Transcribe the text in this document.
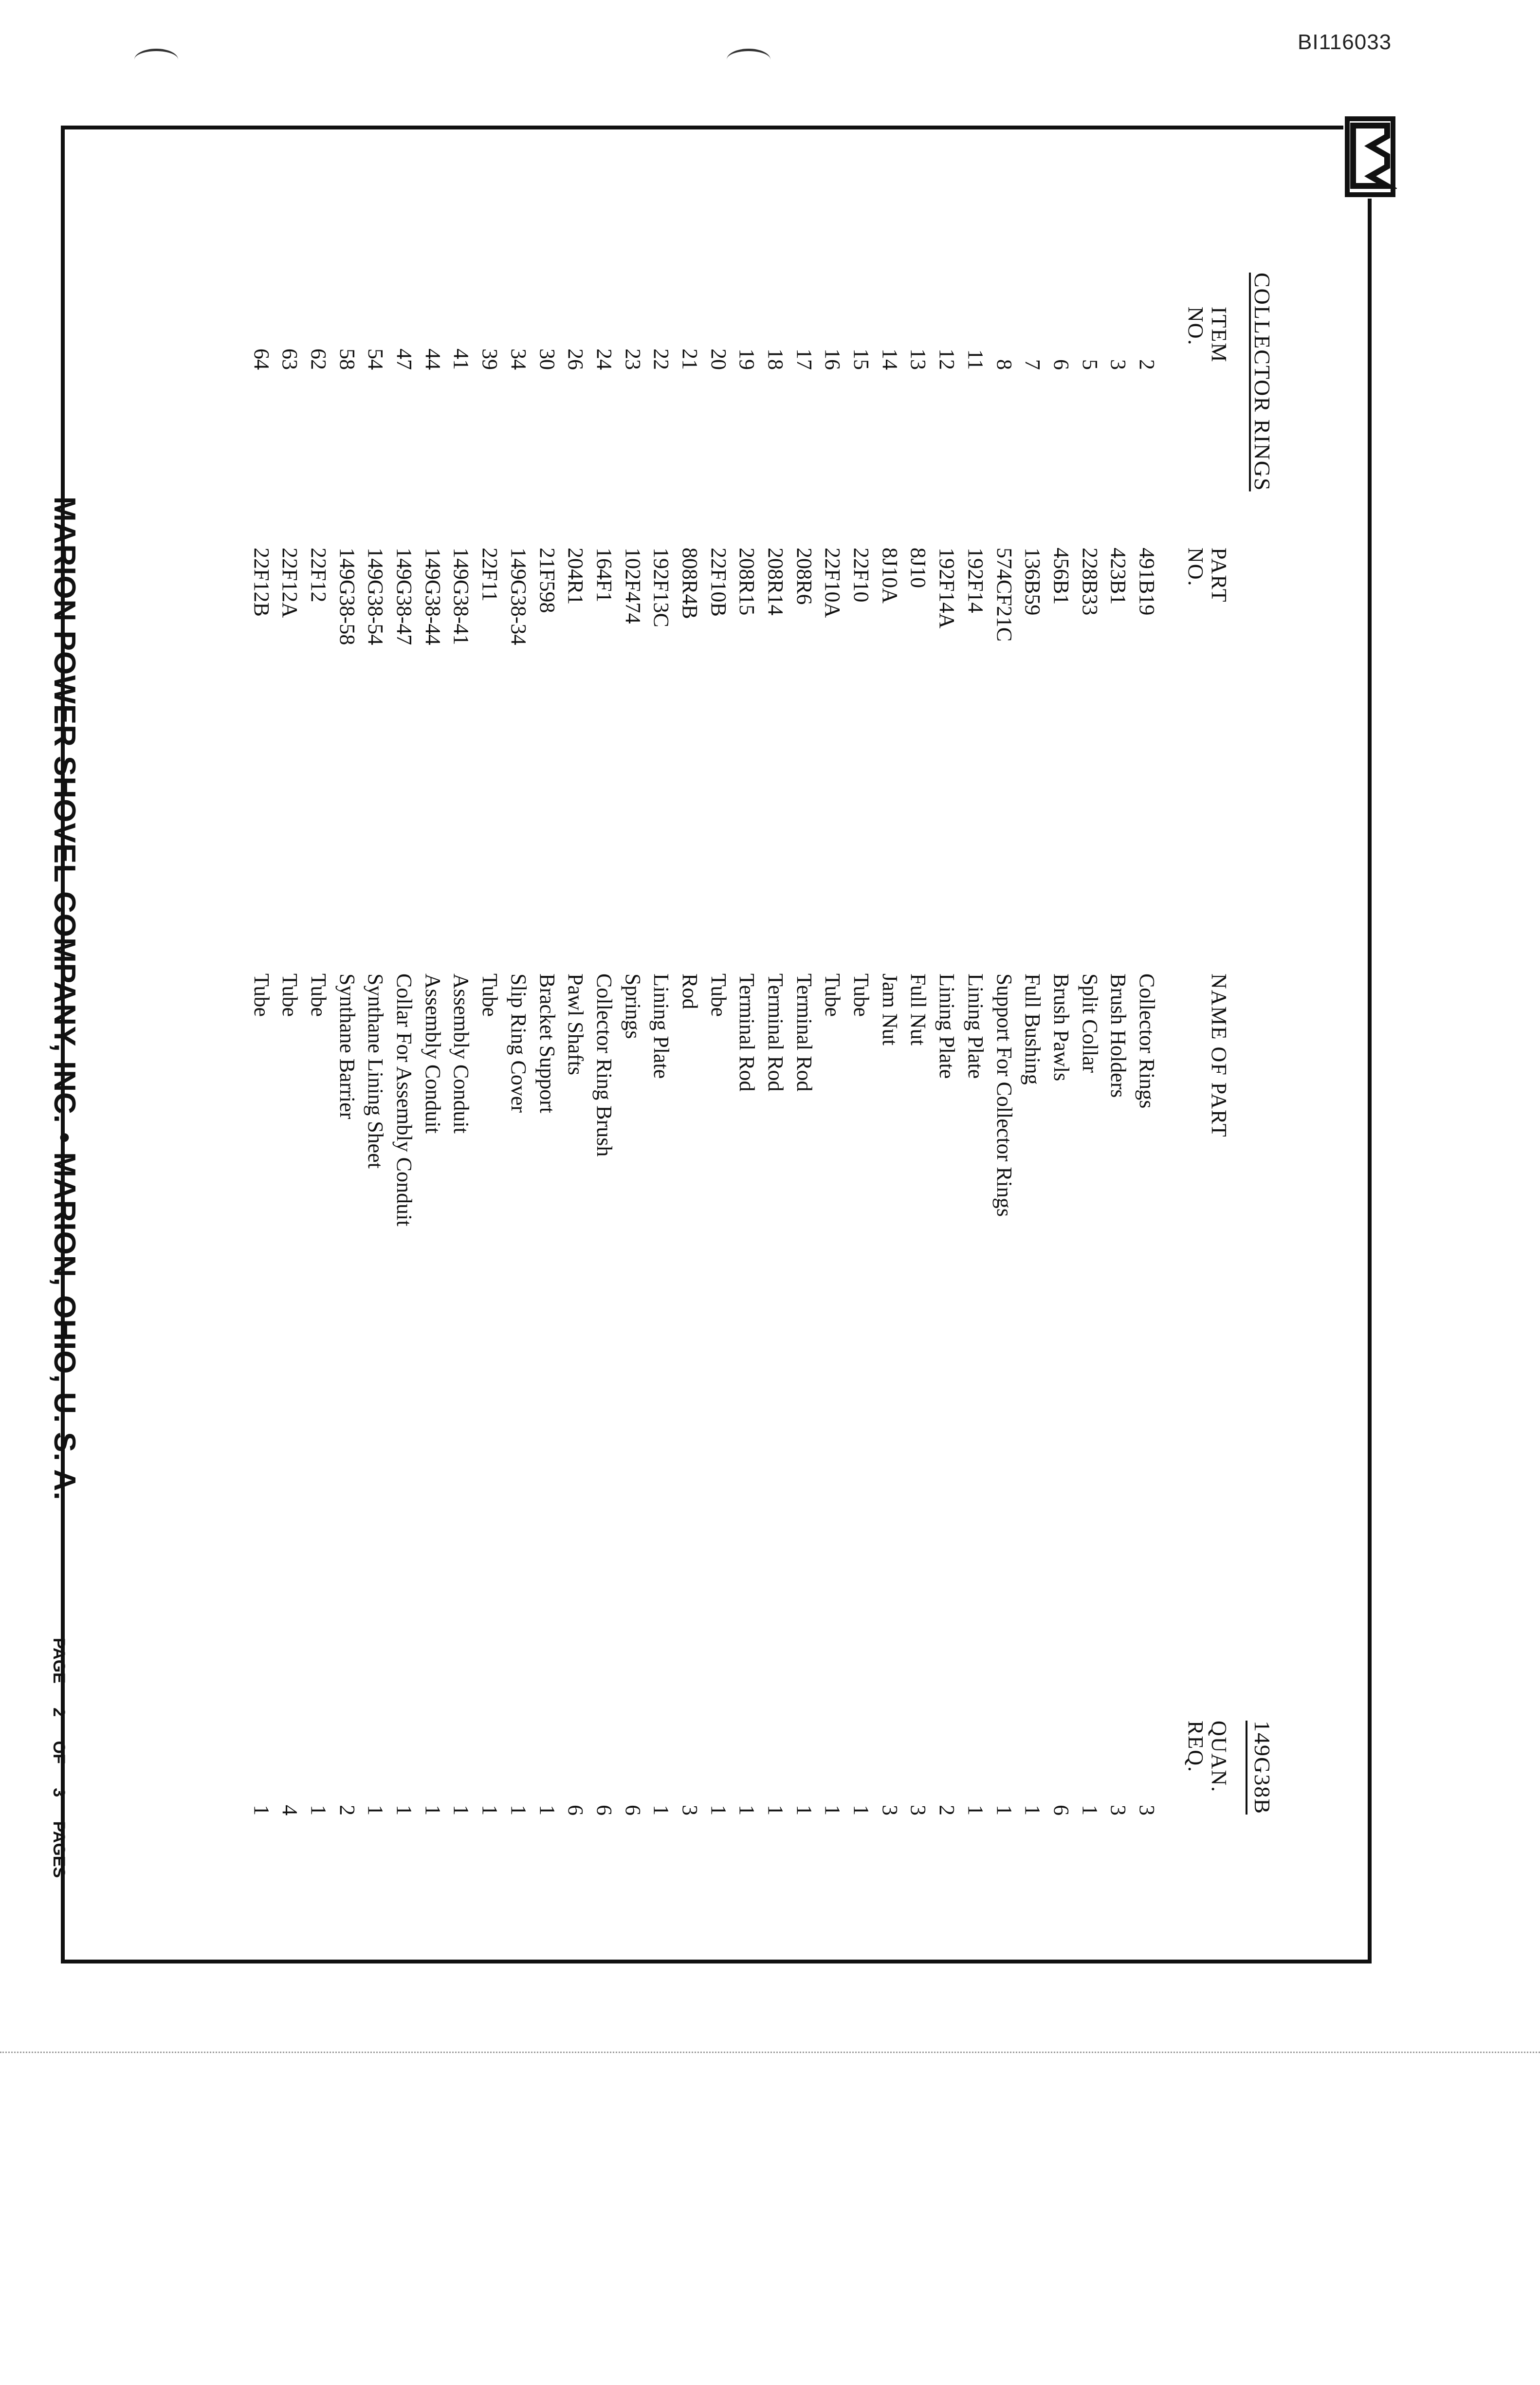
BI116033
COLLECTOR RINGS
149G38B
ITEM
NO.
PART
NO.
NAME OF PART
QUAN.
REQ.
2
491B19
Collector Rings
3
3
423B1
Brush Holders
3
5
228B33
Split Collar
1
6
456B1
Brush Pawls
6
7
136B59
Full Bushing
1
8
574CF21C
Support For Collector Rings
1
11
192F14
Lining Plate
1
12
192F14A
Lining Plate
2
13
8J10
Full Nut
3
14
8J10A
Jam Nut
3
15
22F10
Tube
1
16
22F10A
Tube
1
17
208R6
Terminal Rod
1
18
208R14
Terminal Rod
1
19
208R15
Terminal Rod
1
20
22F10B
Tube
1
21
808R4B
Rod
3
22
192F13C
Lining Plate
1
23
102F474
Springs
6
24
164F1
Collector Ring Brush
6
26
204R1
Pawl Shafts
6
30
21F598
Bracket Support
1
34
149G38-34
Slip Ring Cover
1
39
22F11
Tube
1
41
149G38-41
Assembly Conduit
1
44
149G38-44
Assembly Conduit
1
47
149G38-47
Collar For Assembly Conduit
1
54
149G38-54
Synthane Lining Sheet
1
58
149G38-58
Synthane Barrier
2
62
22F12
Tube
1
63
22F12A
Tube
4
64
22F12B
Tube
1
MARION POWER SHOVEL COMPANY, INC. • MARION, OHIO, U. S. A.
PAGE 2 OF 3 PAGES
